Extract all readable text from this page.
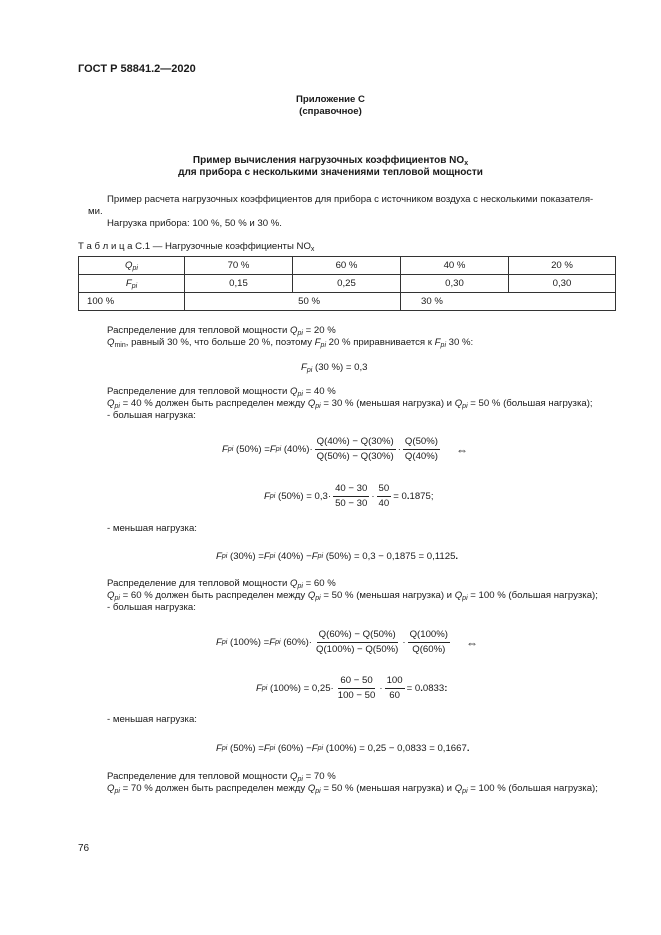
ГОСТ Р 58841.2—2020
Приложение С
(справочное)
Пример вычисления нагрузочных коэффициентов $NO_x$
для прибора с несколькими значениями тепловой мощности
Пример расчета нагрузочных коэффициентов для прибора с источником воздуха с несколькими показателя-
ми.
Нагрузка прибора: 100 %, 50 % и 30 %.
Т а б л и ц а С.1 — Нагрузочные коэффициенты $NO_x$
$Q_{pi}$	70 %	60 %	40 %	20 %
$F_{pi}$	0,15	0,25	0,30	0,30
100 %	50 %		30 %	
Распределение для тепловой мощности $Q_{pi} = 20$ %
$Q_{min}$, равный 30 %, что больше 20 %, поэтому $F_{pi}$ 20 % приравнивается к $F_{pi}$ 30 %:
$F_{pi}$ (30 %) = 0,3
Распределение для тепловой мощности $Q_{pi} = 40$ %
$Q_{pi} = 40$ % должен быть распределен между $Q_{pi} = 30$ % (меньшая нагрузка) и $Q_{pi} = 50$ % (большая нагрузка);
- большая нагрузка:
F pi
(50%) = F pi
$(40\%)\cdot \frac{Q(40\%) - Q(30\%)}{Q(50\%) - Q(30\%)} \cdot \frac{Q(50\%)}{Q(40\%)}$ ⇔
F pi
$(50\%) = 0,3\cdot \frac{40 - 30}{50 - 30} \cdot \frac{50}{40} = 0$ . 1875;
- меньшая нагрузка:
F pi
(30%) = F pi
(40%) − F pi
(50%) = 0,3 − 0,1875 = 0,1125 .
Распределение для тепловой мощности $Q_{pi} = 60$ %
$Q_{pi} = 60$ % должен быть распределен между $Q_{pi} = 50$ % (меньшая нагрузка) и $Q_{pi} = 100$ % (большая нагрузка);
- большая нагрузка:
F pi
(100%) = F pi
$(60\%)\cdot \frac{Q(60\%) - Q(50\%)}{Q(100\%) - Q(50\%)} \cdot \frac{Q(100\%)}{Q(60\%)}$ ⇔
F pi
$(100\%) = 0,25\cdot \frac{60 - 50}{100 - 50} \cdot \frac{100}{60} = 0$ . 0833 :
- меньшая нагрузка:
F pi
(50%) = F pi
(60%) − F pi
(100%) = 0,25 − 0,0833 = 0,1667 .
Распределение для тепловой мощности $Q_{pi} = 70$ %
$Q_{pi} = 70$ % должен быть распределен между $Q_{pi} = 50$ % (меньшая нагрузка) и $Q_{pi} = 100$ % (большая нагрузка);
76
